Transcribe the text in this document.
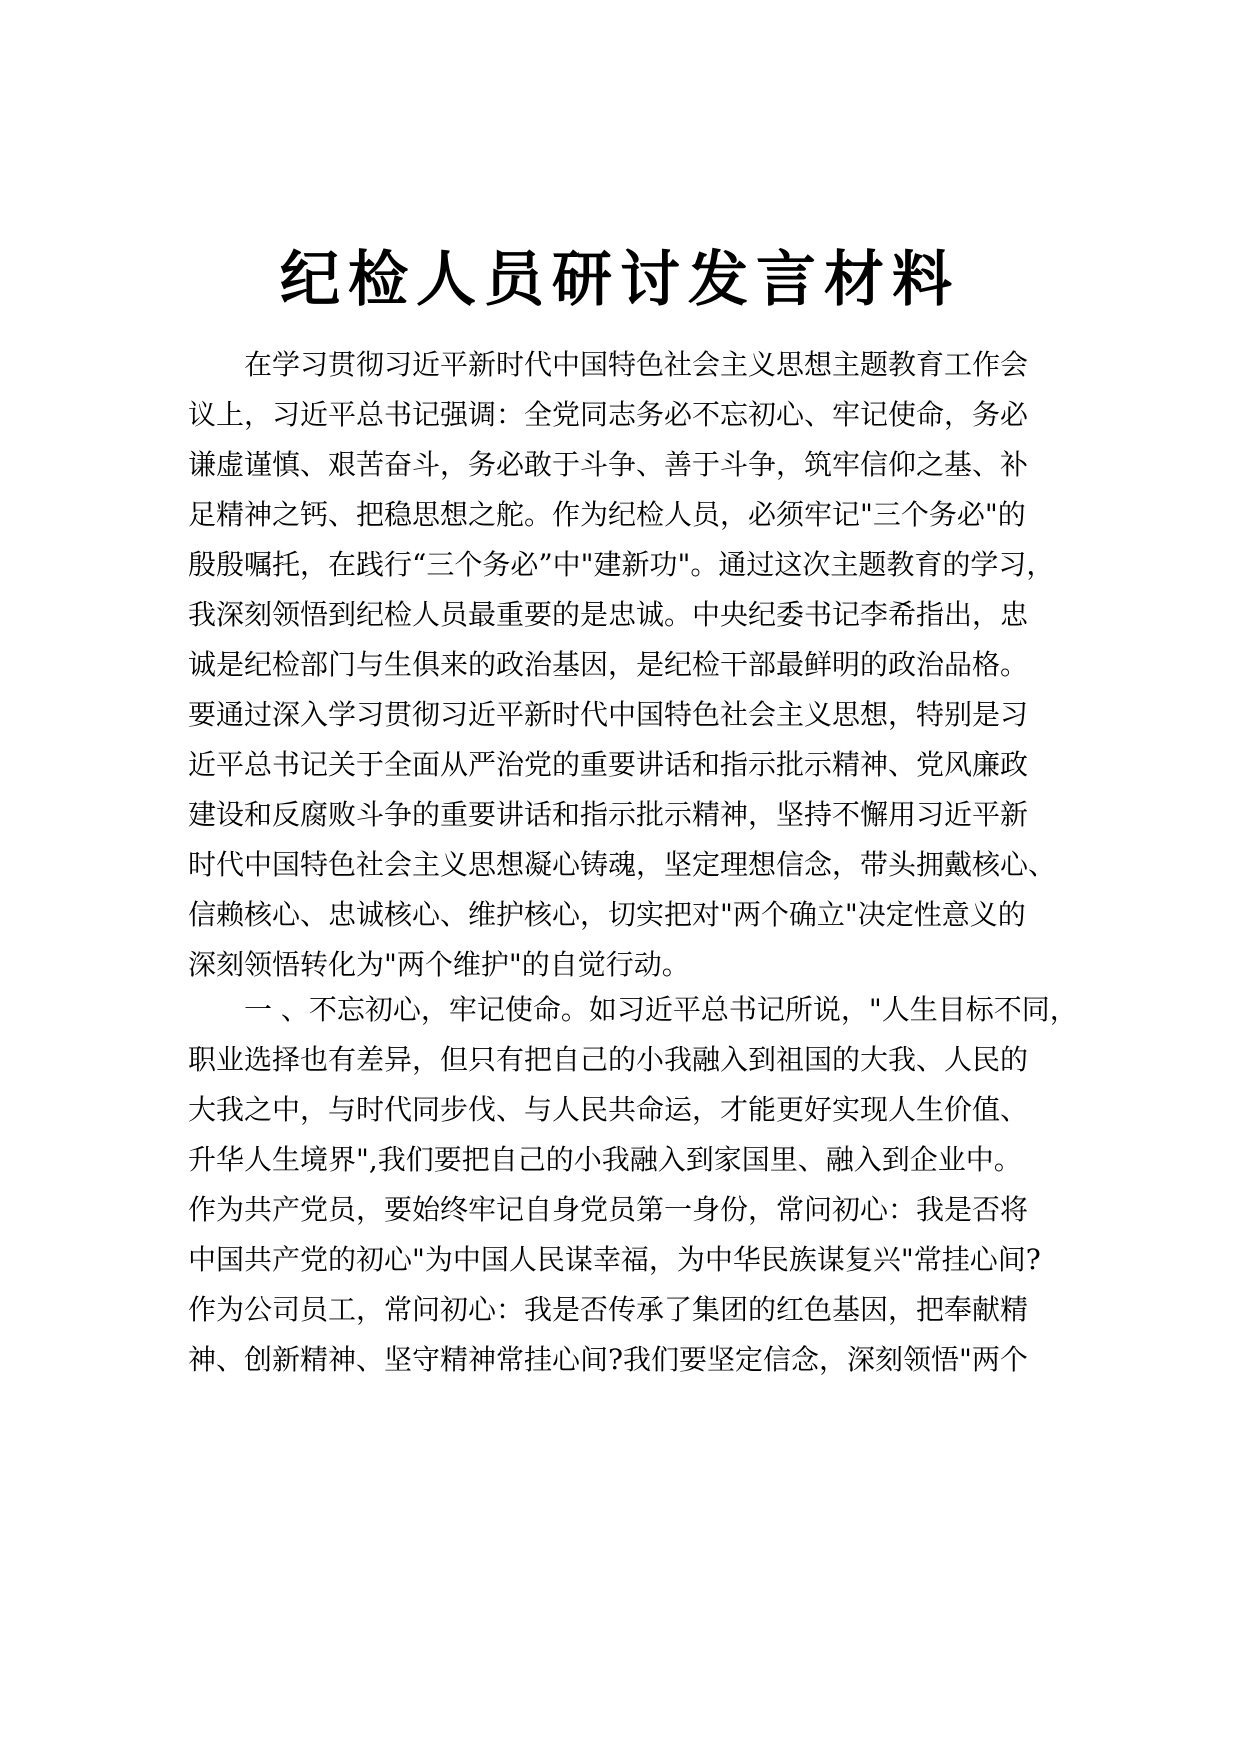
纪检人员研讨发言材料
在学习贯彻习近平新时代中国特色社会主义思想主题教育工作会
议上，习近平总书记强调：全党同志务必不忘初心、牢记使命，务必
谦虚谨慎、艰苦奋斗，务必敢于斗争、善于斗争，筑牢信仰之基、补
足精神之钙、把稳思想之舵。作为纪检人员，必须牢记"三个务必"的
殷殷嘱托，在践行“三个务必”中"建新功"。通过这次主题教育的学习，
我深刻领悟到纪检人员最重要的是忠诚。中央纪委书记李希指出，忠
诚是纪检部门与生俱来的政治基因，是纪检干部最鲜明的政治品格。
要通过深入学习贯彻习近平新时代中国特色社会主义思想，特别是习
近平总书记关于全面从严治党的重要讲话和指示批示精神、党风廉政
建设和反腐败斗争的重要讲话和指示批示精神，坚持不懈用习近平新
时代中国特色社会主义思想凝心铸魂，坚定理想信念，带头拥戴核心、
信赖核心、忠诚核心、维护核心，切实把对"两个确立"决定性意义的
深刻领悟转化为"两个维护"的自觉行动。
一 、不忘初心，牢记使命。如习近平总书记所说，"人生目标不同，
职业选择也有差异，但只有把自己的小我融入到祖国的大我、人民的
大我之中，与时代同步伐、与人民共命运，才能更好实现人生价值、
升华人生境界",我们要把自己的小我融入到家国里、融入到企业中。
作为共产党员，要始终牢记自身党员第一身份，常问初心：我是否将
中国共产党的初心"为中国人民谋幸福，为中华民族谋复兴"常挂心间?
作为公司员工，常问初心：我是否传承了集团的红色基因，把奉献精
神、创新精神、坚守精神常挂心间?我们要坚定信念，深刻领悟"两个
